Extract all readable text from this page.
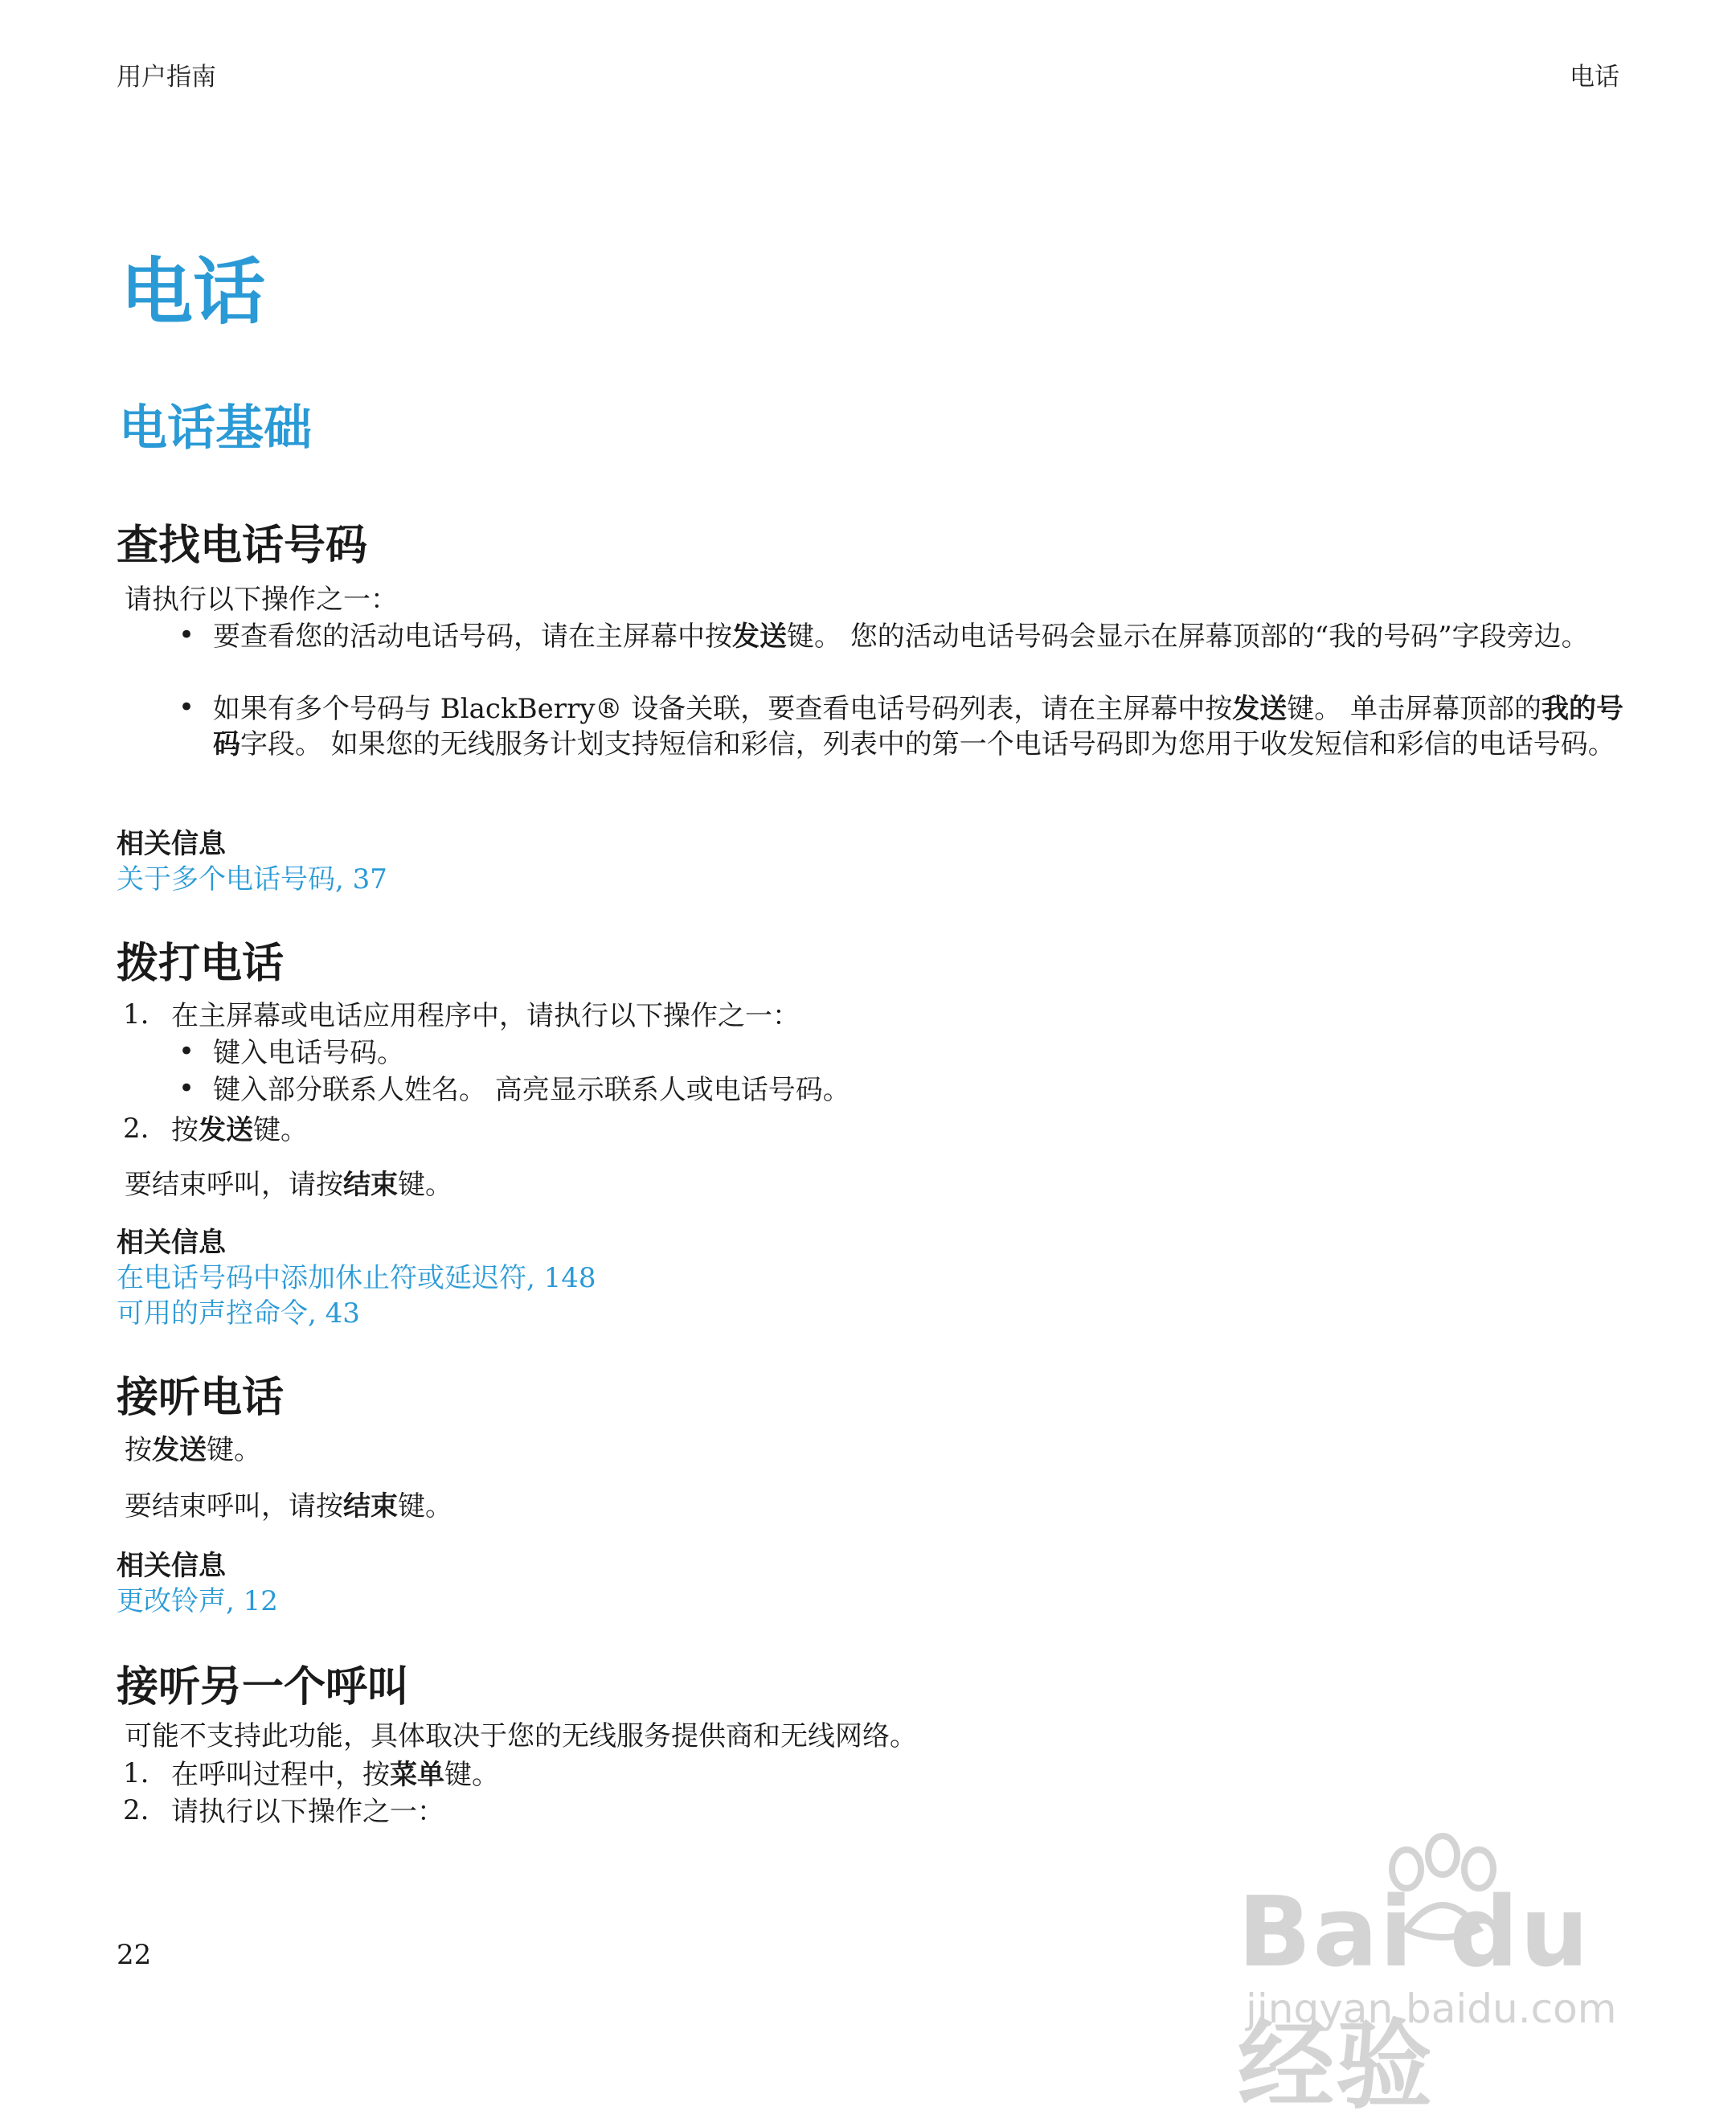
用户指南	电话
电话
电话基础
查找电话号码
请执行以下操作之一：
• 要查看您的活动电话号码，请在主屏幕中按发送键。 您的活动电话号码会显示在屏幕顶部的“我的号码”字段旁边。
• 如果有多个号码与 BlackBerry® 设备关联，要查看电话号码列表，请在主屏幕中按发送键。 单击屏幕顶部的我的号码字段。 如果您的无线服务计划支持短信和彩信，列表中的第一个电话号码即为您用于收发短信和彩信的电话号码。
相关信息
关于多个电话号码, 37
拨打电话
1. 在主屏幕或电话应用程序中，请执行以下操作之一：
• 键入电话号码。
• 键入部分联系人姓名。 高亮显示联系人或电话号码。
2. 按发送键。
要结束呼叫，请按结束键。
相关信息
在电话号码中添加休止符或延迟符, 148
可用的声控命令, 43
接听电话
按发送键。
要结束呼叫，请按结束键。
相关信息
更改铃声, 12
接听另一个呼叫
可能不支持此功能，具体取决于您的无线服务提供商和无线网络。
1. 在呼叫过程中，按菜单键。
2. 请执行以下操作之一：
22	Bai du 经验
jingyan.baidu.com
